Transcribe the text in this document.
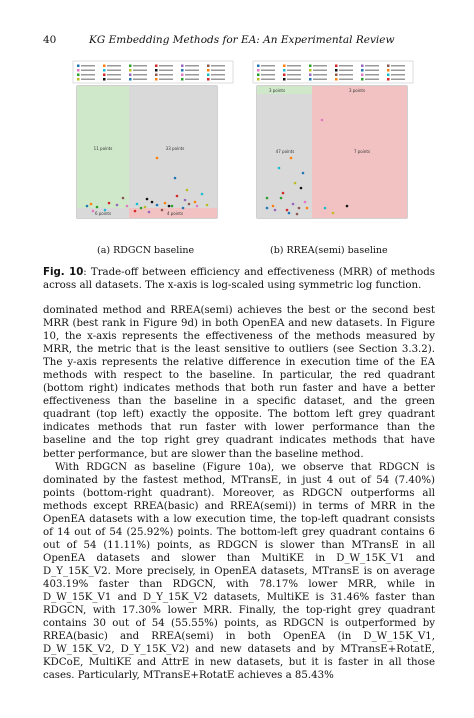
40	KG Embedding Methods for EA: An Experimental Review
11 points	33 points
6 points	4 points
3 points	3 points
47 points	7 points
(a) RDGCN baseline	(b) RREA(semi) baseline
Fig. 10: Trade-off between efficiency and effectiveness (MRR) of methods across all datasets. The x-axis is log-scaled using symmetric log function.

dominated method and RREA(semi) achieves the best or the second best MRR (best rank in Figure 9d) in both OpenEA and new datasets. In Figure 10, the x-axis represents the effectiveness of the methods measured by MRR, the metric that is the least sensitive to outliers (see Section 3.3.2). The y-axis represents the relative difference in execution time of the EA methods with respect to the baseline. In particular, the red quadrant (bottom right) indicates methods that both run faster and have a better effectiveness than the baseline in a specific dataset, and the green quadrant (top left) exactly the opposite. The bottom left grey quadrant indicates methods that run faster with lower performance than the baseline and the top right grey quadrant indicates methods that have better performance, but are slower than the baseline method.

With RDGCN as baseline (Figure 10a), we observe that RDGCN is dominated by the fastest method, MTransE, in just 4 out of 54 (7.40%) points (bottom-right quadrant). Moreover, as RDGCN outperforms all methods except RREA(basic) and RREA(semi)) in terms of MRR in the OpenEA datasets with a low execution time, the top-left quadrant consists of 14 out of 54 (25.92%) points. The bottom-left grey quadrant contains 6 out of 54 (11.11%) points, as RDGCN is slower than MTransE in all OpenEA datasets and slower than MultiKE in D_W_15K_V1 and D_Y_15K_V2. More precisely, in OpenEA datasets, MTransE is on average 403.19% faster than RDGCN, with 78.17% lower MRR, while in D_W_15K_V1 and D_Y_15K_V2 datasets, MultiKE is 31.46% faster than RDGCN, with 17.30% lower MRR. Finally, the top-right grey quadrant contains 30 out of 54 (55.55%) points, as RDGCN is outperformed by RREA(basic) and RREA(semi) in both OpenEA (in D_W_15K_V1, D_W_15K_V2, D_Y_15K_V2) and new datasets and by MTransE+RotatE, KDCoE, MultiKE and AttrE in new datasets, but it is faster in all those cases. Particularly, MTransE+RotatE achieves a 85.43%
